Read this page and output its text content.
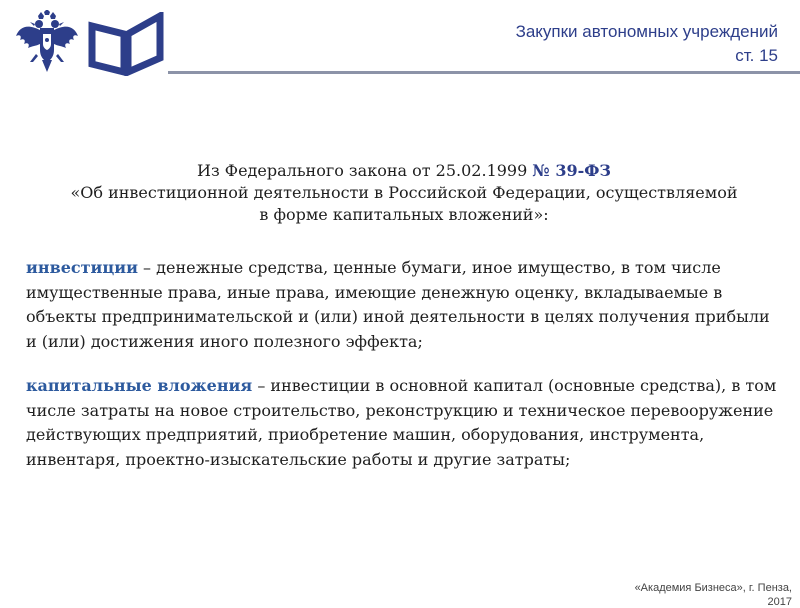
Закупки автономных учреждений
ст. 15
Из Федерального закона от 25.02.1999 № 39-ФЗ
«Об инвестиционной деятельности в Российской Федерации, осуществляемой
в форме капитальных вложений»:

инвестиции – денежные средства, ценные бумаги, иное имущество, в том числе имущественные права, иные права, имеющие денежную оценку, вкладываемые в объекты предпринимательской и (или) иной деятельности в целях получения прибыли и (или) достижения иного полезного эффекта;

капитальные вложения – инвестиции в основной капитал (основные средства), в том числе затраты на новое строительство, реконструкцию и техническое перевооружение действующих предприятий, приобретение машин, оборудования, инструмента, инвентаря, проектно-изыскательские работы и другие затраты;

«Академия Бизнеса», г. Пенза,
2017
